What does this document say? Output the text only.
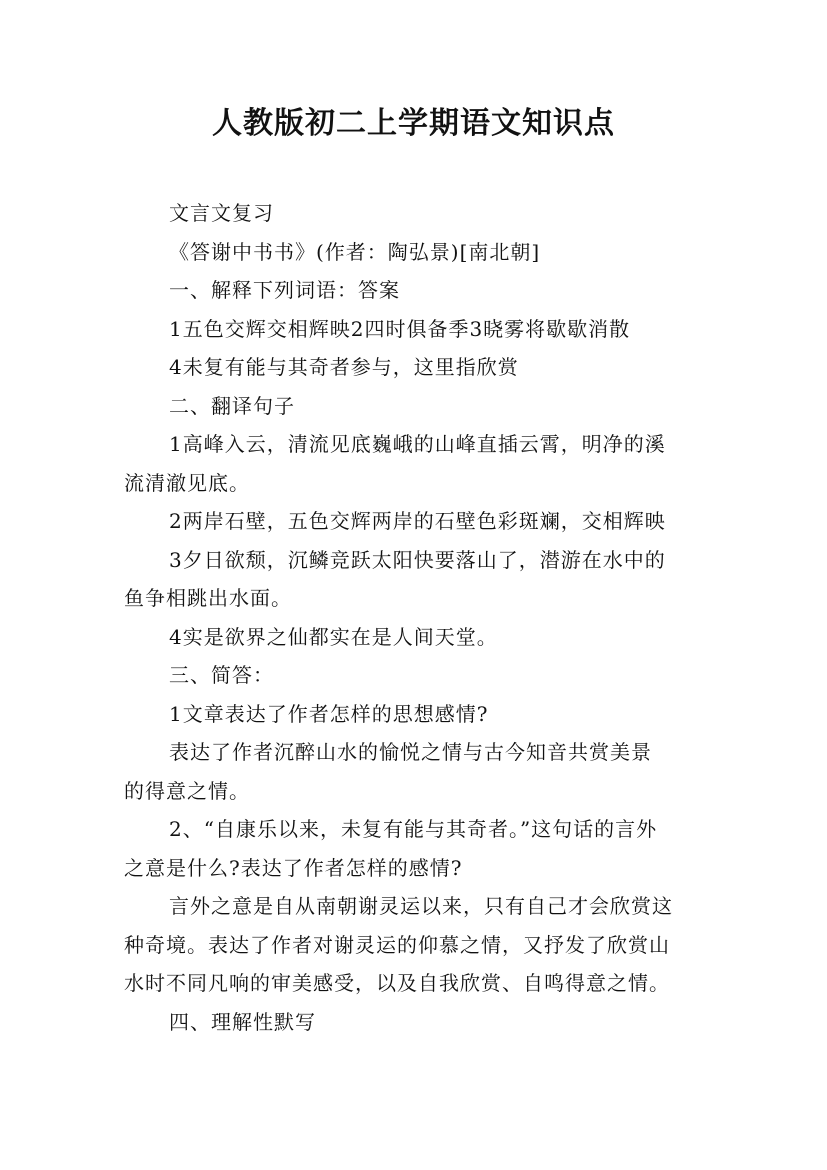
人教版初二上学期语文知识点
文言文复习
《答谢中书书》(作者：陶弘景)[南北朝]
一、解释下列词语：答案
1五色交辉交相辉映2四时俱备季3晓雾将歇歇消散
4未复有能与其奇者参与，这里指欣赏
二、翻译句子
1高峰入云，清流见底巍峨的山峰直插云霄，明净的溪
流清澈见底。
2两岸石壁，五色交辉两岸的石壁色彩斑斓，交相辉映
3夕日欲颓，沉鳞竞跃太阳快要落山了，潜游在水中的
鱼争相跳出水面。
4实是欲界之仙都实在是人间天堂。
三、简答：
1文章表达了作者怎样的思想感情?
表达了作者沉醉山水的愉悦之情与古今知音共赏美景
的得意之情。
2、“自康乐以来，未复有能与其奇者。”这句话的言外
之意是什么?表达了作者怎样的感情?
言外之意是自从南朝谢灵运以来，只有自己才会欣赏这
种奇境。表达了作者对谢灵运的仰慕之情，又抒发了欣赏山
水时不同凡响的审美感受，以及自我欣赏、自鸣得意之情。
四、理解性默写
